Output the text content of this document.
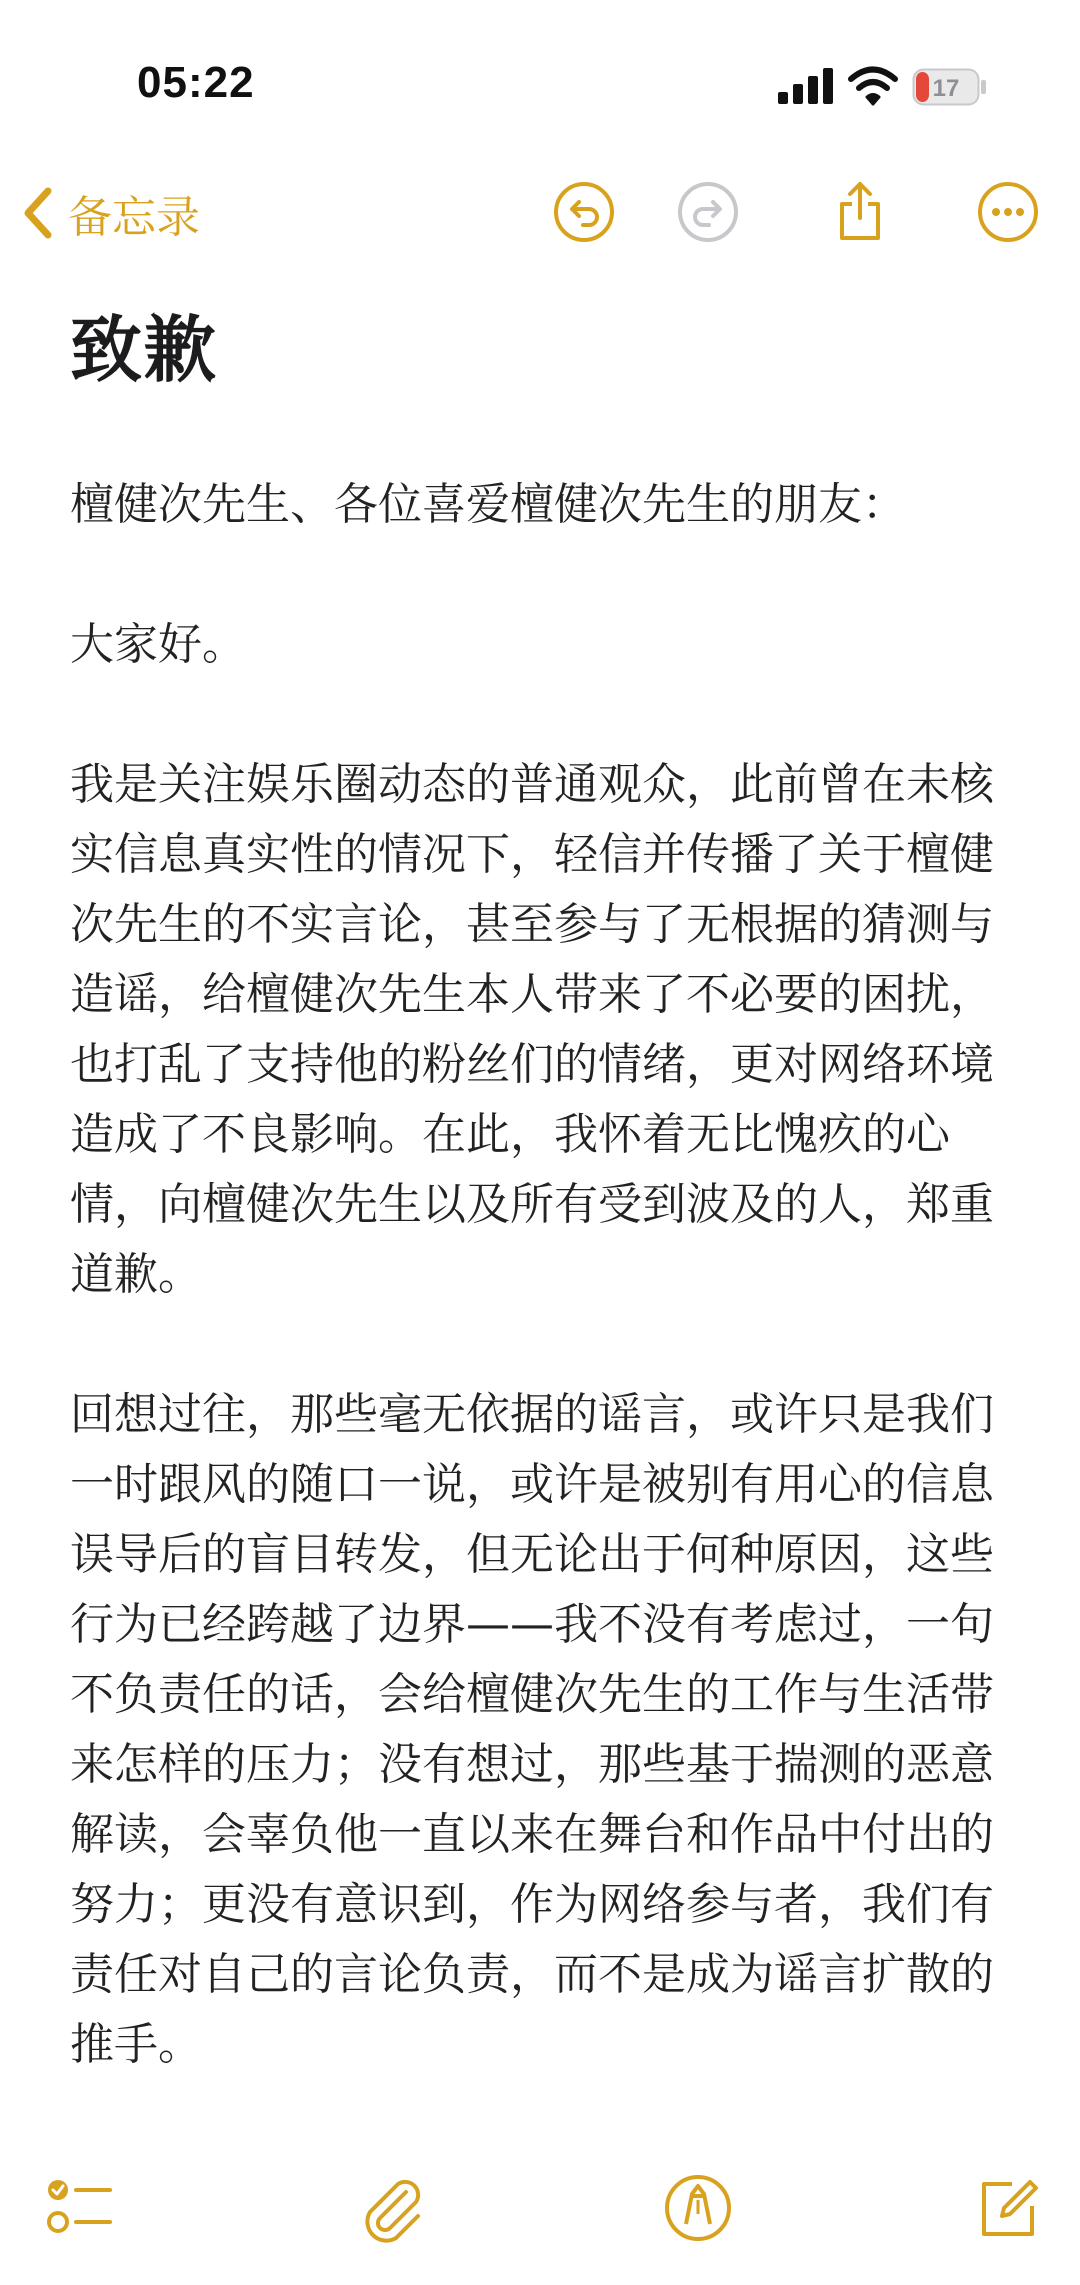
05:22	17
备忘录
致歉

檀健次先生、各位喜爱檀健次先生的朋友：

大家好。

我是关注娱乐圈动态的普通观众，此前曾在未核实信息真实性的情况下，轻信并传播了关于檀健次先生的不实言论，甚至参与了无根据的猜测与造谣，给檀健次先生本人带来了不必要的困扰，也打乱了支持他的粉丝们的情绪，更对网络环境造成了不良影响。在此，我怀着无比愧疚的心情，向檀健次先生以及所有受到波及的人，郑重道歉。

回想过往，那些毫无依据的谣言，或许只是我们一时跟风的随口一说，或许是被别有用心的信息误导后的盲目转发，但无论出于何种原因，这些行为已经跨越了边界——我不没有考虑过，一句不负责任的话，会给檀健次先生的工作与生活带来怎样的压力；没有想过，那些基于揣测的恶意解读，会辜负他一直以来在舞台和作品中付出的努力；更没有意识到，作为网络参与者，我们有责任对自己的言论负责，而不是成为谣言扩散的推手。
